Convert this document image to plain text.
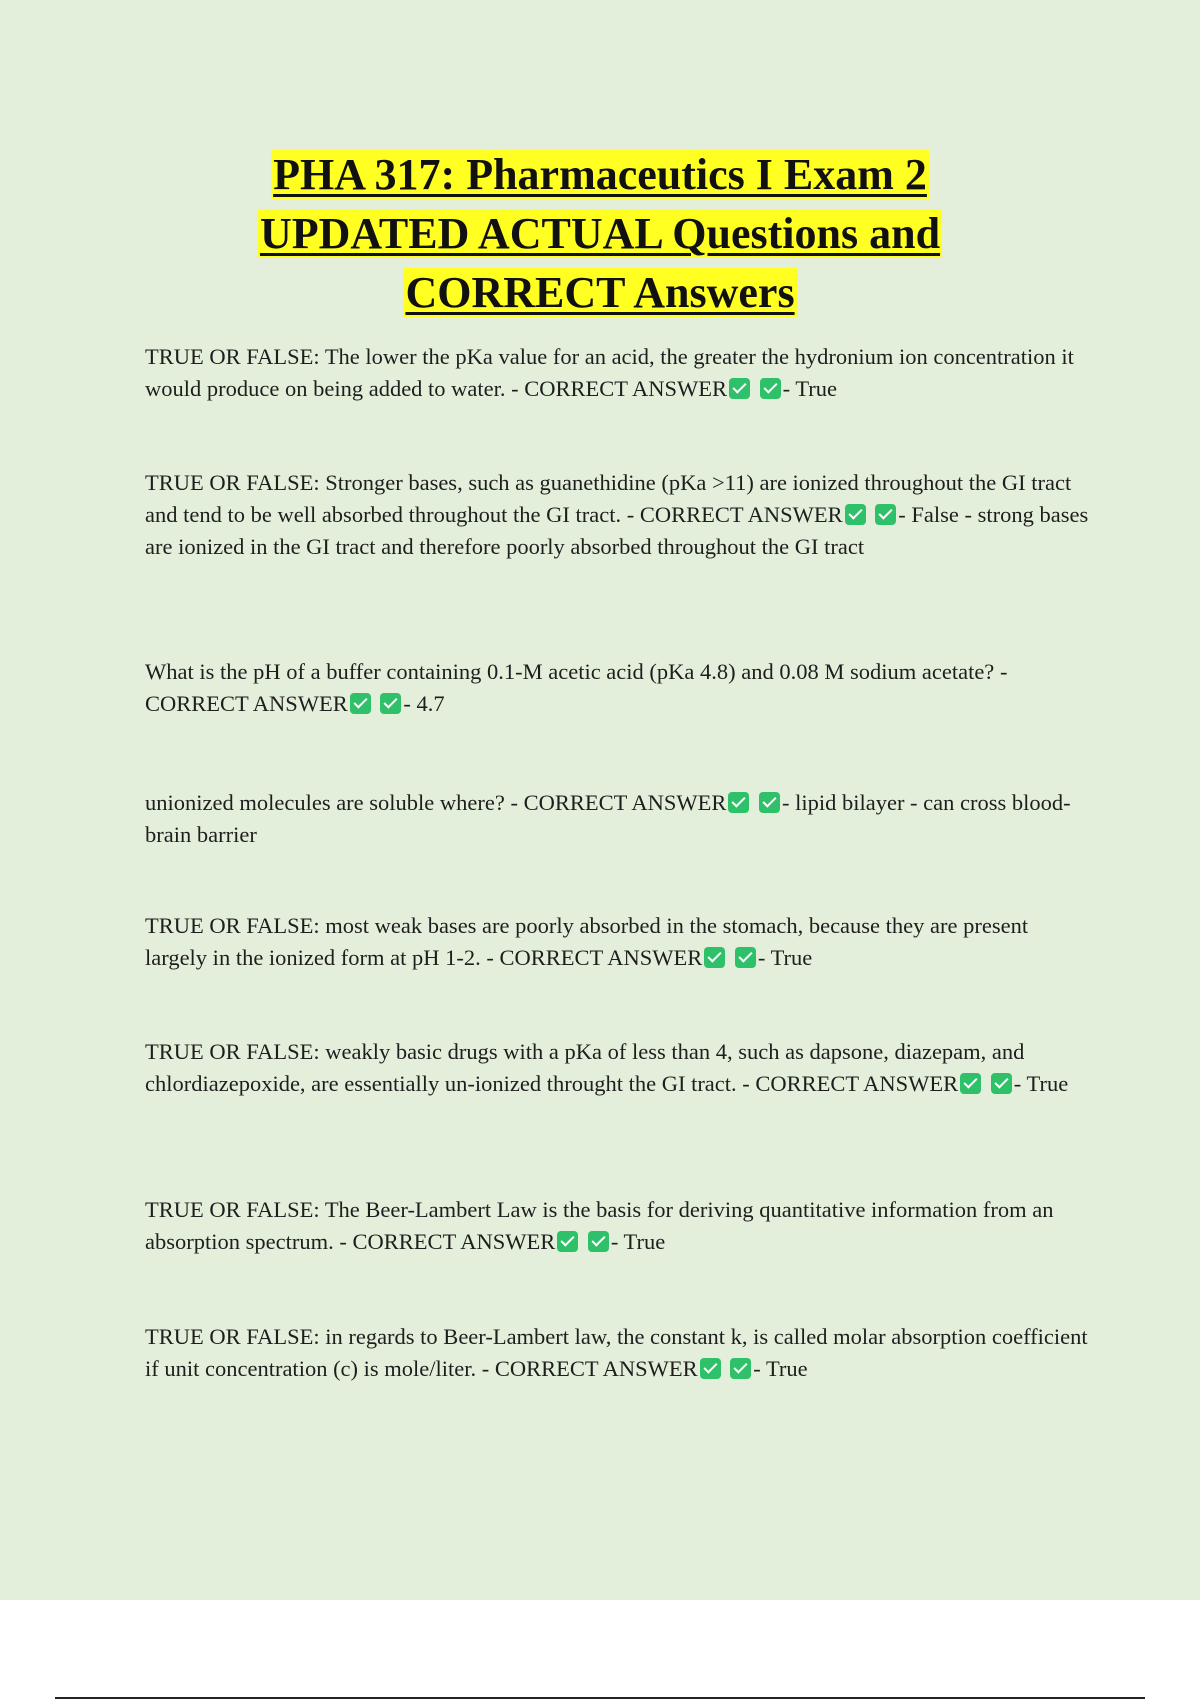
PHA 317: Pharmaceutics I Exam 2
UPDATED ACTUAL Questions and
CORRECT Answers

TRUE OR FALSE: The lower the pKa value for an acid, the greater the hydronium ion concentration it would produce on being added to water. - CORRECT ANSWER - True

TRUE OR FALSE: Stronger bases, such as guanethidine (pKa >11) are ionized throughout the GI tract and tend to be well absorbed throughout the GI tract. - CORRECT ANSWER - False - strong bases are ionized in the GI tract and therefore poorly absorbed throughout the GI tract

What is the pH of a buffer containing 0.1-M acetic acid (pKa 4.8) and 0.08 M sodium acetate? - CORRECT ANSWER - 4.7

unionized molecules are soluble where? - CORRECT ANSWER - lipid bilayer - can cross blood-brain barrier

TRUE OR FALSE: most weak bases are poorly absorbed in the stomach, because they are present largely in the ionized form at pH 1-2. - CORRECT ANSWER - True

TRUE OR FALSE: weakly basic drugs with a pKa of less than 4, such as dapsone, diazepam, and chlordiazepoxide, are essentially un-ionized throught the GI tract. - CORRECT ANSWER - True

TRUE OR FALSE: The Beer-Lambert Law is the basis for deriving quantitative information from an absorption spectrum. - CORRECT ANSWER - True

TRUE OR FALSE: in regards to Beer-Lambert law, the constant k, is called molar absorption coefficient if unit concentration (c) is mole/liter. - CORRECT ANSWER - True
